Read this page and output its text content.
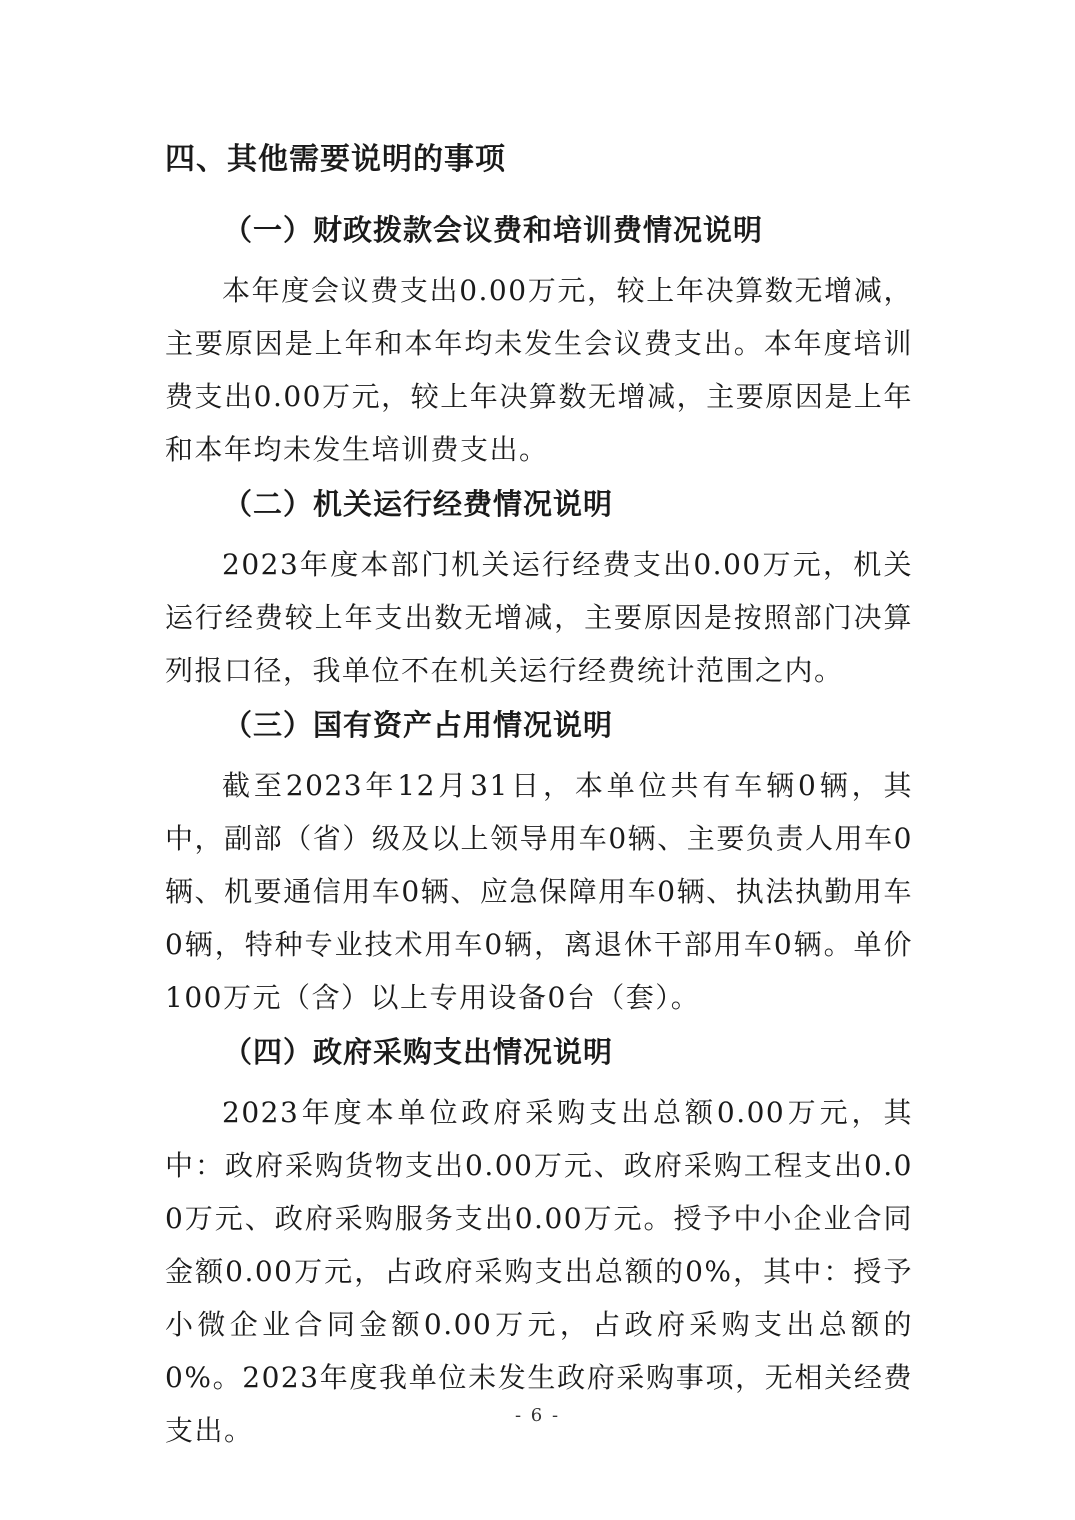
四、其他需要说明的事项
（一）财政拨款会议费和培训费情况说明

本年度会议费支出0.00万元，较上年决算数无增减，主要原因是上年和本年均未发生会议费支出。本年度培训费支出0.00万元，较上年决算数无增减，主要原因是上年和本年均未发生培训费支出。

（二）机关运行经费情况说明

2023年度本部门机关运行经费支出0.00万元，机关运行经费较上年支出数无增减，主要原因是按照部门决算列报口径，我单位不在机关运行经费统计范围之内。

（三）国有资产占用情况说明

截至2023年12月31日，本单位共有车辆0辆，其中，副部（省）级及以上领导用车0辆、主要负责人用车0辆、机要通信用车0辆、应急保障用车0辆、执法执勤用车0辆，特种专业技术用车0辆，离退休干部用车0辆。单价100万元（含）以上专用设备0台（套）。

（四）政府采购支出情况说明

2023年度本单位政府采购支出总额0.00万元，其中：政府采购货物支出0.00万元、政府采购工程支出0.00万元、政府采购服务支出0.00万元。授予中小企业合同金额0.00万元，占政府采购支出总额的0%，其中：授予小微企业合同金额0.00万元，占政府采购支出总额的0%。2023年度我单位未发生政府采购事项，无相关经费支出。	- 6 -
